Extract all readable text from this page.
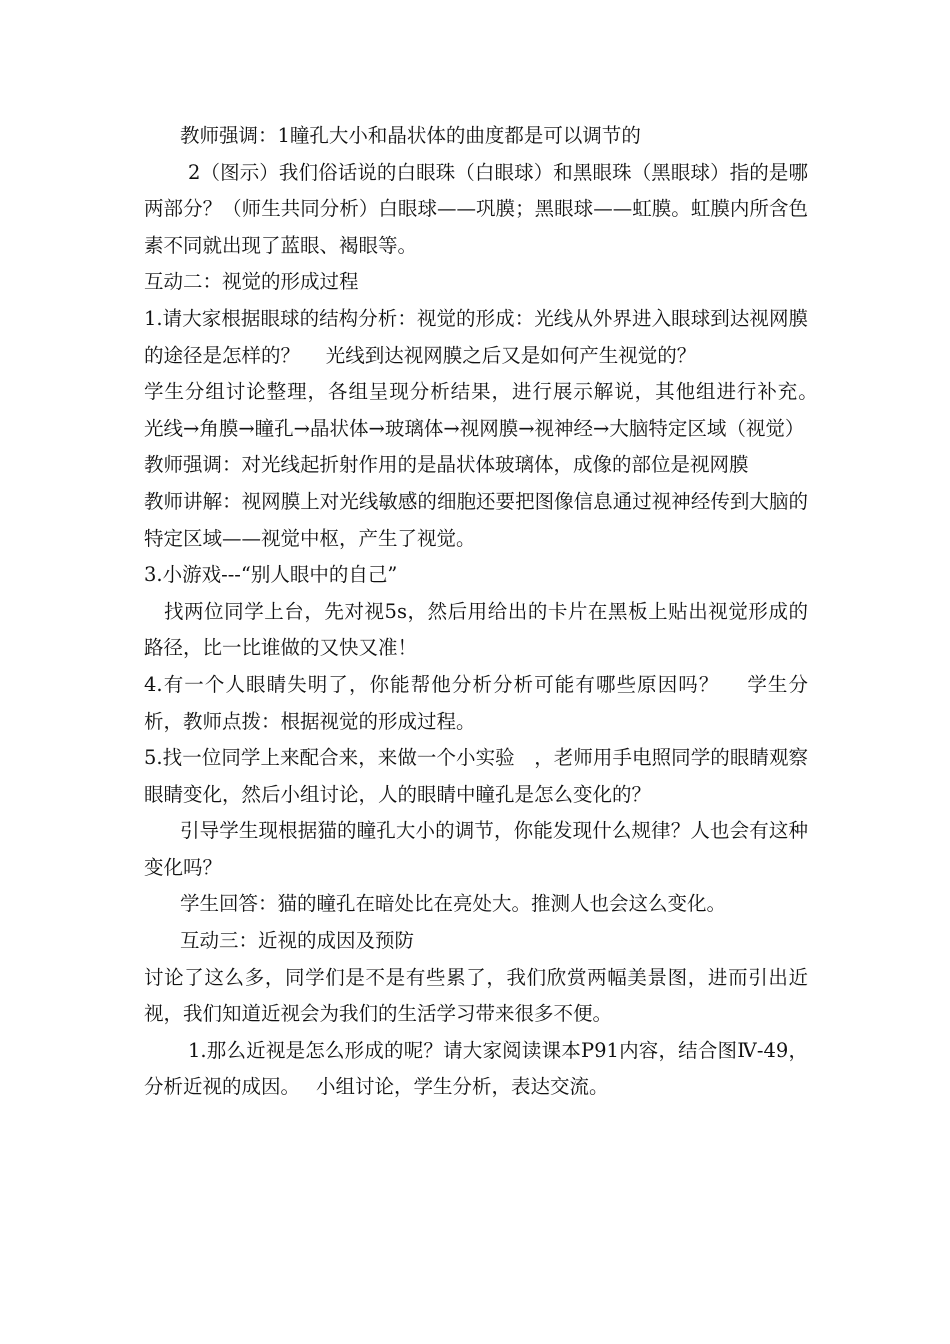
教师强调：1瞳孔大小和晶状体的曲度都是可以调节的

2（图示）我们俗话说的白眼珠（白眼球）和黑眼珠（黑眼球）指的是哪两部分？（师生共同分析）白眼球——巩膜；黑眼球——虹膜。虹膜内所含色素不同就出现了蓝眼、褐眼等。

互动二：视觉的形成过程

1.请大家根据眼球的结构分析：视觉的形成：光线从外界进入眼球到达视网膜的途径是怎样的？　 光线到达视网膜之后又是如何产生视觉的？

学生分组讨论整理，各组呈现分析结果，进行展示解说，其他组进行补充。　光线→角膜→瞳孔→晶状体→玻璃体→视网膜→视神经→大脑特定区域（视觉）

教师强调：对光线起折射作用的是晶状体玻璃体，成像的部位是视网膜

教师讲解：视网膜上对光线敏感的细胞还要把图像信息通过视神经传到大脑的特定区域——视觉中枢，产生了视觉。

3.小游戏---“别人眼中的自己”

找两位同学上台，先对视5s，然后用给出的卡片在黑板上贴出视觉形成的路径，比一比谁做的又快又准！

4.有一个人眼睛失明了，你能帮他分析分析可能有哪些原因吗？　 学生分析，教师点拨：根据视觉的形成过程。

5.找一位同学上来配合来，来做一个小实验　，老师用手电照同学的眼睛观察眼睛变化，然后小组讨论，人的眼睛中瞳孔是怎么变化的？

引导学生现根据猫的瞳孔大小的调节，你能发现什么规律？人也会有这种变化吗？

学生回答：猫的瞳孔在暗处比在亮处大。推测人也会这么变化。

互动三：近视的成因及预防

讨论了这么多，同学们是不是有些累了，我们欣赏两幅美景图，进而引出近视，我们知道近视会为我们的生活学习带来很多不便。

1.那么近视是怎么形成的呢？请大家阅读课本P91内容，结合图Ⅳ-49，分析近视的成因。　 小组讨论，学生分析，表达交流。
